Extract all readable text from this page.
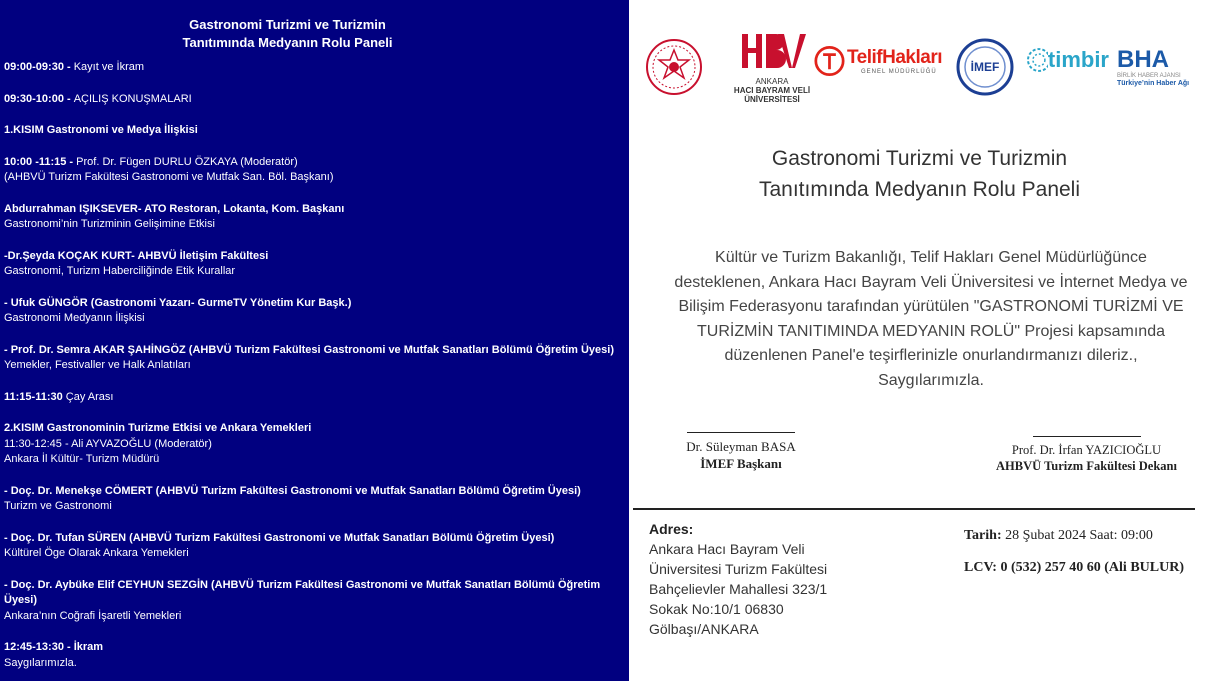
Gastronomi Turizmi ve Turizmin
Tanıtımında Medyanın Rolu Paneli
09:00-09:30 - Kayıt ve İkram
09:30-10:00 - AÇILIŞ KONUŞMALARI
1.KISIM Gastronomi ve Medya İlişkisi
10:00 -11:15 - Prof. Dr. Fügen DURLU ÖZKAYA (Moderatör)
(AHBVÜ Turizm Fakültesi Gastronomi ve Mutfak San. Böl. Başkanı)
Abdurrahman IŞIKSEVER- ATO Restoran, Lokanta, Kom. Başkanı
Gastronomi’nin Turizminin Gelişimine Etkisi
-Dr.Şeyda KOÇAK KURT- AHBVÜ İletişim Fakültesi
Gastronomi, Turizm Haberciliğinde Etik Kurallar
- Ufuk GÜNGÖR (Gastronomi Yazarı- GurmeTV Yönetim Kur Başk.)
Gastronomi Medyanın İlişkisi
- Prof. Dr. Semra AKAR ŞAHİNGÖZ (AHBVÜ Turizm Fakültesi Gastronomi ve Mutfak Sanatları Bölümü Öğretim Üyesi)
Yemekler, Festivaller ve Halk Anlatıları
11:15-11:30 Çay Arası
2.KISIM Gastronominin Turizme Etkisi ve Ankara Yemekleri
11:30-12:45 - Ali AYVAZOĞLU (Moderatör)
Ankara İl Kültür- Turizm Müdürü
- Doç. Dr. Menekşe CÖMERT (AHBVÜ Turizm Fakültesi Gastronomi ve Mutfak Sanatları Bölümü Öğretim Üyesi)
Turizm ve Gastronomi
- Doç. Dr. Tufan SÜREN (AHBVÜ Turizm Fakültesi Gastronomi ve Mutfak Sanatları Bölümü Öğretim Üyesi)
Kültürel Öge Olarak Ankara Yemekleri
- Doç. Dr. Aybüke Elif CEYHUN SEZGİN (AHBVÜ Turizm Fakültesi Gastronomi ve Mutfak Sanatları Bölümü Öğretim Üyesi)
Ankara’nın Coğrafi İşaretli Yemekleri
12:45-13:30 - İkram
Saygılarımızla.
ANKARA
HACI BAYRAM VELİ
ÜNİVERSİTESİ
TelifHakları
GENEL MÜDÜRLÜĞÜ	İMEF timbir BHA
BİRLİK HABER AJANSI
Türkiye’nin Haber Ağı
Gastronomi Turizmi ve Turizmin
Tanıtımında Medyanın Rolu Paneli
Kültür ve Turizm Bakanlığı, Telif Hakları Genel Müdürlüğünce
desteklenen, Ankara Hacı Bayram Veli Üniversitesi ve İnternet Medya ve
Bilişim Federasyonu tarafından yürütülen "GASTRONOMİ TURİZMİ VE
TURİZMİN TANITIMINDA MEDYANIN ROLÜ" Projesi kapsamında
düzenlenen Panel'e teşirflerinizle onurlandırmanızı dileriz.,
Saygılarımızla.
Dr. Süleyman BASA
İMEF Başkanı
Prof. Dr. İrfan YAZICIOĞLU
AHBVÜ Turizm Fakültesi Dekanı
Adres:
Ankara Hacı Bayram Veli
Üniversitesi Turizm Fakültesi
Bahçelievler Mahallesi 323/1
Sokak No:10/1 06830
Gölbaşı/ANKARA
Tarih: 28 Şubat 2024 Saat: 09:00
LCV: 0 (532) 257 40 60 (Ali BULUR)
